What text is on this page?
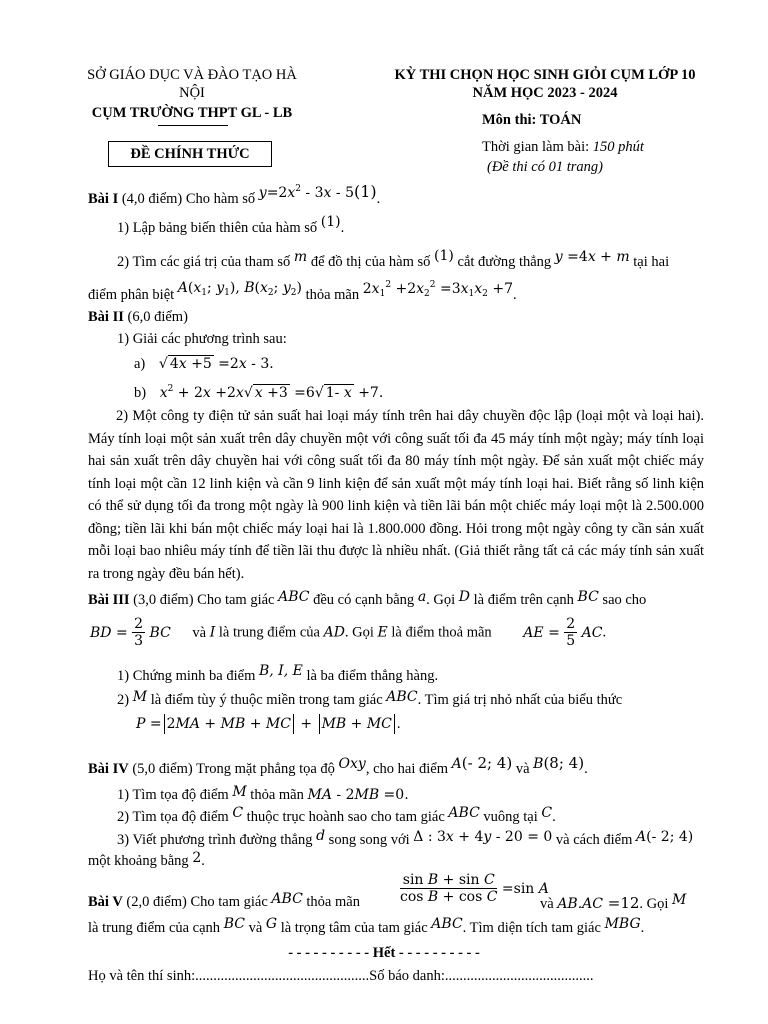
SỞ GIÁO DỤC VÀ ĐÀO TẠO HÀ
NỘI
CỤM TRƯỜNG THPT GL - LB
ĐỀ CHÍNH THỨC
KỲ THI CHỌN HỌC SINH GIỎI CỤM LỚP 10
NĂM HỌC 2023 - 2024
Môn thi: TOÁN
Thời gian làm bài: 150 phút
(Đề thi có 01 trang)
Bài I (4,0 điểm) Cho hàm số $y=2x^2 - 3x - 5(1)$.
1) Lập bảng biến thiên của hàm số (1).
2) Tìm các giá trị của tham số m để đồ thị của hàm số (1) cắt đường thẳng y =4x + m tại hai
điểm phân biệt $A(x_1$; $y_1$), $B(x_2$; $y_2$) thỏa mãn $2x_1^2 +2x_2^2 =3x_1x_2 +7$.
Bài II (6,0 điểm)
1) Giải các phương trình sau:
a) √ 4x +5 =2x - 3.
b) $x^2 + 2x +2x√$ x +3 =6√ 1- x +7.
2) Một công ty điện tử sản suất hai loại máy tính trên hai dây chuyền độc lập (loại một và loại hai). Máy tính loại một sản xuất trên dây chuyền một với công suất tối đa 45 máy tính một ngày; máy tính loại hai sản xuất trên dây chuyền hai với công suất tối đa 80 máy tính một ngày. Để sản xuất một chiếc máy tính loại một cần 12 linh kiện và cần 9 linh kiện để sản xuất một máy tính loại hai. Biết rằng số linh kiện có thể sử dụng tối đa trong một ngày là 900 linh kiện và tiền lãi bán một chiếc máy loại một là 2.500.000 đồng; tiền lãi khi bán một chiếc máy loại hai là 1.800.000 đồng. Hỏi trong một ngày công ty cần sản xuất mỗi loại bao nhiêu máy tính để tiền lãi thu được là nhiều nhất. (Giả thiết rằng tất cả các máy tính sản xuất ra trong ngày đều bán hết).
Bài III (3,0 điểm) Cho tam giác ABC đều có cạnh bằng a. Gọi D là điểm trên cạnh BC sao cho
BD = $\frac{2}{3}$ BC và I là trung điểm của AD. Gọi E là điểm thoả mãn AE = $\frac{2}{5}$ AC.
1) Chứng minh ba điểm B, I, E là ba điểm thẳng hàng.
2) M là điểm tùy ý thuộc miền trong tam giác ABC. Tìm giá trị nhỏ nhất của biểu thức
P = 2MA + MB + MC + MB + MC .
Bài IV (5,0 điểm) Trong mặt phẳng tọa độ Oxy, cho hai điểm A(- 2; 4) và B(8; 4).
1) Tìm tọa độ điểm M thỏa mãn MA - 2MB =0.
2) Tìm tọa độ điểm C thuộc trục hoành sao cho tam giác ABC vuông tại C.
3) Viết phương trình đường thẳng d song song với Δ : 3x + 4y - 20 = 0 và cách điểm A(- 2; 4)
một khoảng bằng 2.
Bài V (2,0 điểm) Cho tam giác ABC thỏa mãn	$\frac{\text{sin B + sin C}}{\text{cos B + cos C}} =\sin$ A
và AB.AC =12. Gọi M
là trung điểm của cạnh BC và G là trọng tâm của tam giác ABC. Tìm diện tích tam giác MBG.
- - - - - - - - - - Hết - - - - - - - - - -
Họ và tên thí sinh:................................................Số báo danh:.........................................
